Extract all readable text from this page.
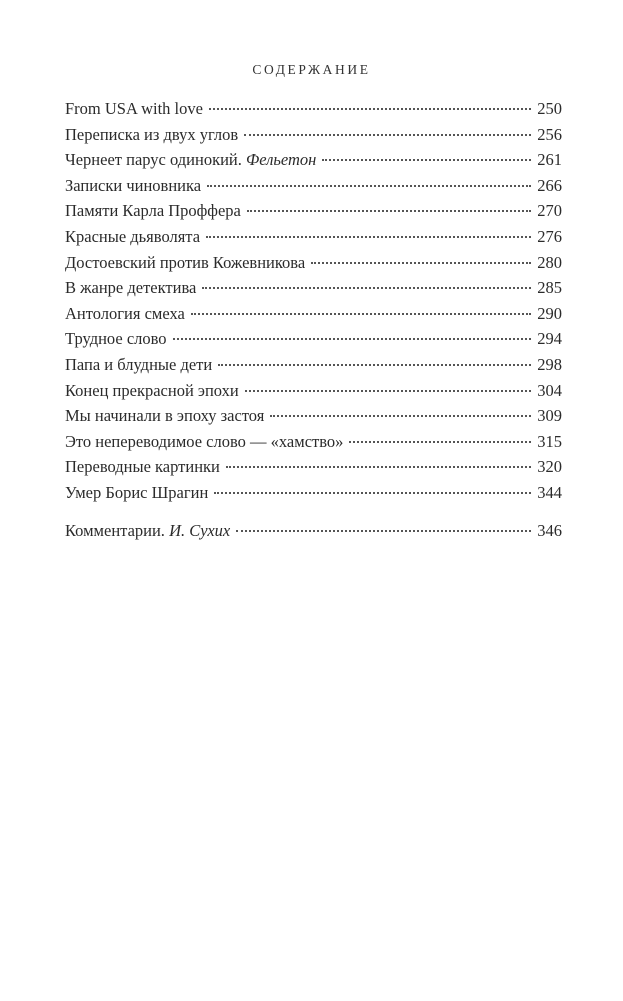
СОДЕРЖАНИЕ
From USA with love	250
Переписка из двух углов	256
Чернеет парус одинокий. Фельетон	261
Записки чиновника	266
Памяти Карла Проффера	270
Красные дьяволята	276
Достоевский против Кожевникова	280
В жанре детектива	285
Антология смеха	290
Трудное слово	294
Папа и блудные дети	298
Конец прекрасной эпохи	304
Мы начинали в эпоху застоя	309
Это непереводимое слово — «хамство»	315
Переводные картинки	320
Умер Борис Шрагин	344
Комментарии. И. Сухих	346
